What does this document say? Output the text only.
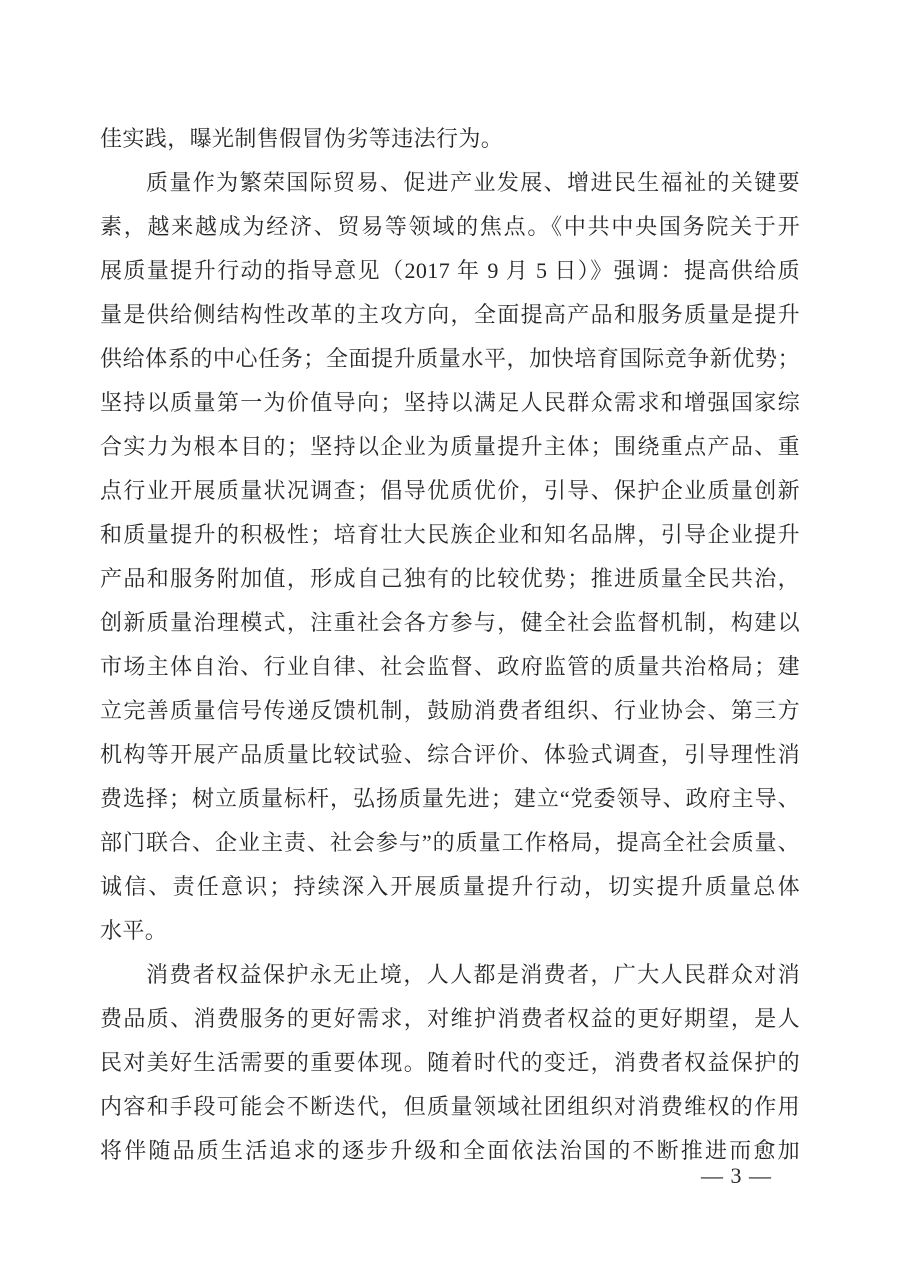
佳实践，曝光制售假冒伪劣等违法行为。
质量作为繁荣国际贸易、促进产业发展、增进民生福祉的关键要
素，越来越成为经济、贸易等领域的焦点。《中共中央国务院关于开
展质量提升行动的指导意见（2017 年 9 月 5 日）》强调：提高供给质
量是供给侧结构性改革的主攻方向，全面提高产品和服务质量是提升
供给体系的中心任务；全面提升质量水平，加快培育国际竞争新优势；
坚持以质量第一为价值导向；坚持以满足人民群众需求和增强国家综
合实力为根本目的；坚持以企业为质量提升主体；围绕重点产品、重
点行业开展质量状况调查；倡导优质优价，引导、保护企业质量创新
和质量提升的积极性；培育壮大民族企业和知名品牌，引导企业提升
产品和服务附加值，形成自己独有的比较优势；推进质量全民共治，
创新质量治理模式，注重社会各方参与，健全社会监督机制，构建以
市场主体自治、行业自律、社会监督、政府监管的质量共治格局；建
立完善质量信号传递反馈机制，鼓励消费者组织、行业协会、第三方
机构等开展产品质量比较试验、综合评价、体验式调查，引导理性消
费选择；树立质量标杆，弘扬质量先进；建立“党委领导、政府主导、
部门联合、企业主责、社会参与”的质量工作格局，提高全社会质量、
诚信、责任意识；持续深入开展质量提升行动，切实提升质量总体
水平。
消费者权益保护永无止境，人人都是消费者，广大人民群众对消
费品质、消费服务的更好需求，对维护消费者权益的更好期望，是人
民对美好生活需要的重要体现。随着时代的变迁，消费者权益保护的
内容和手段可能会不断迭代，但质量领域社团组织对消费维权的作用
将伴随品质生活追求的逐步升级和全面依法治国的不断推进而愈加
— 3 —
